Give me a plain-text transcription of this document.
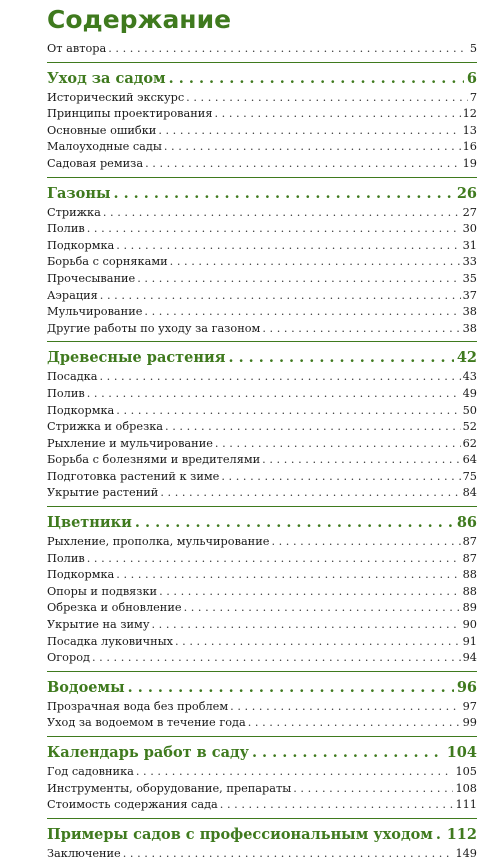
Содержание
От автора . . .	5
Уход за садом . . .	6
Исторический экскурс . . .	7
Принципы проектирования . . .	12
Основные ошибки . . .	13
Малоуходные сады . . .	16
Садовая ремиза . . .	19
Газоны . . .	26
Стрижка . . .	27
Полив . . .	30
Подкормка . . .	31
Борьба с сорняками . . .	33
Прочесывание . . .	35
Аэрация . . .	37
Мульчирование . . .	38
Другие работы по уходу за газоном . . .	38
Древесные растения . . .	42
Посадка . . .	43
Полив . . .	49
Подкормка . . .	50
Стрижка и обрезка . . .	52
Рыхление и мульчирование . . .	62
Борьба с болезнями и вредителями . . .	64
Подготовка растений к зиме . . .	75
Укрытие растений . . .	84
Цветники . . .	86
Рыхление, прополка, мульчирование . . .	87
Полив . . .	87
Подкормка . . .	88
Опоры и подвязки . . .	88
Обрезка и обновление . . .	89
Укрытие на зиму . . .	90
Посадка луковичных . . .	91
Огород . . .	94
Водоемы . . .	96
Прозрачная вода без проблем . . .	97
Уход за водоемом в течение года . . .	99
Календарь работ в саду . . .	104
Год садовника . . .	105
Инструменты, оборудование, препараты . . .	108
Стоимость содержания сада . . .	111
Примеры садов с профессиональным уходом . . . 112
Заключение . . .	149
